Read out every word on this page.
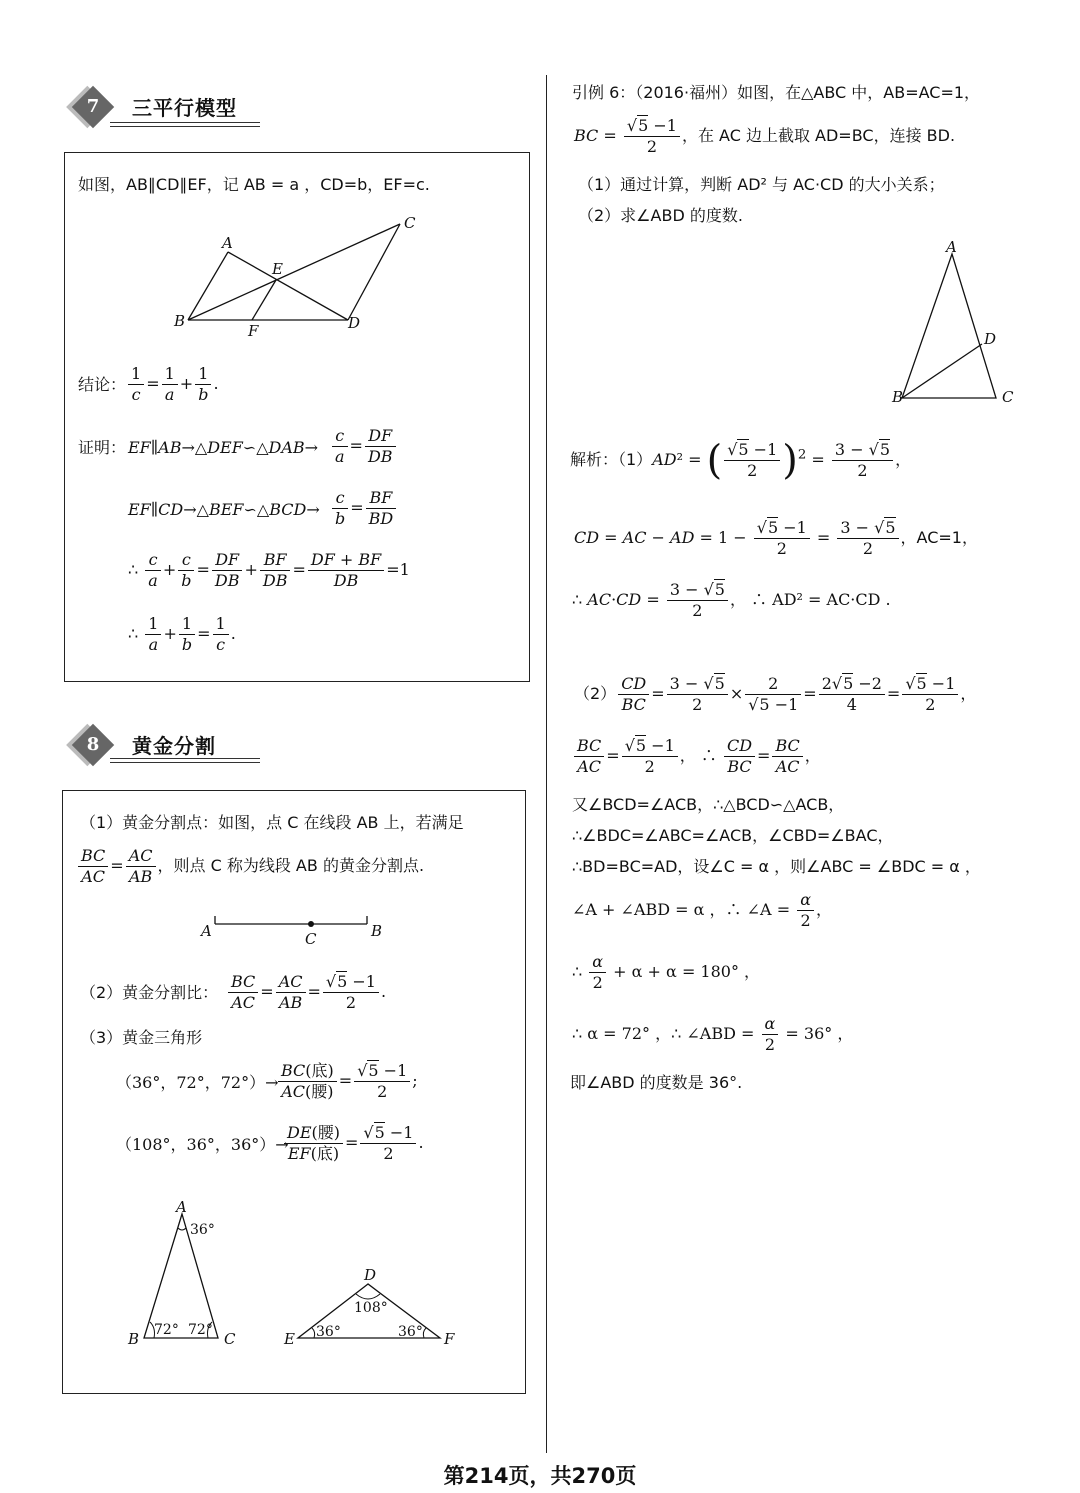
7	三平行模型
如图，AB∥CD∥EF，记 AB = a ，CD=b，EF=c.
A
B
C
D
E
F
结论： $\frac{1}{c} = \frac{1}{a} + \frac{1}{b}$ .
证明： EF∥AB→△DEF∽△DAB→ $\frac{c}{a} = \frac{DF}{DB}$
EF∥CD→△BEF∽△BCD→ $\frac{c}{b} = \frac{BF}{BD}$
∴ $\frac{c}{a} + \frac{c}{b} = \frac{DF}{DB} + \frac{BF}{DB} = \frac{DF + BF}{DB} =1$
∴ $\frac{1}{a} + \frac{1}{b} = \frac{1}{c}$ .
8	黄金分割
（1）黄金分割点：如图，点 C 在线段 AB 上，若满足
$\frac{BC}{AC} = \frac{AC}{AB}$ ，则点 C 称为线段 AB 的黄金分割点.
A	B
C
（2）黄金分割比： $\frac{BC}{AC} = \frac{AC}{AB} = \frac{√5 -1}{2}$ .
（3）黄金三角形
（36°，72°，$72^\circ)\to \frac{\text{BC(底)}}{\text{AC(腰)}} = \frac{√5 -1}{2}$ ;
（108°，36°，36°）→
$\frac{\text{DE(腰)}}{\text{EF(底)}} = \frac{√5 -1}{2}$ .
A
B	C
36°
72° 72°
D
E	F
108°
36°	36°
引例 6：（2016·福州）如图，在△ABC 中，AB=AC=1，
BC = $\frac{√5 -1}{2}$ ，在 AC 边上截取 AD=BC，连接 BD.
（1）通过计算，判断 AD² 与 AC·CD 的大小关系；
（2）求∠ABD 的度数.
A
B	C
D
解析：（1）AD² = ( $\frac{√5 -1}{2} )^2 = \frac{3 - √5}{2}$ ，
CD = AC − AD = $1 - \frac{√5 -1}{2} = \frac{3 - √5}{2}$ ，AC=1，
∴ $AC\cdot CD = \frac{3 - √5}{2}$ ， ∴ AD² = AC·CD .
$(2) \frac{CD}{BC} = \frac{3 - √5}{2} \times \frac{2}{√5 -1} = \frac{2√5 -2}{4} = \frac{√5 -1}{2}$ ，
$\frac{BC}{AC} = \frac{√5 -1}{2}$ ， ∴ $\frac{CD}{BC} = \frac{BC}{AC}$ ，
又∠BCD=∠ACB，∴△BCD∽△ACB，
∴∠BDC=∠ABC=∠ACB，∠CBD=∠BAC，
∴BD=BC=AD，设∠C = α ，则∠ABC = ∠BDC = α ，
∠A + ∠ABD = α ，∴ ∠A = $\frac{\alpha}{2}$ ，
∴ $\frac{\alpha}{2} + \alpha + \alpha = 180^\circ$ ，
∴ α = 72° ，∴ ∠ABD = $\frac{\alpha}{2} = 36^\circ$ ，
即∠ABD 的度数是 36°.
第214页，共270页
